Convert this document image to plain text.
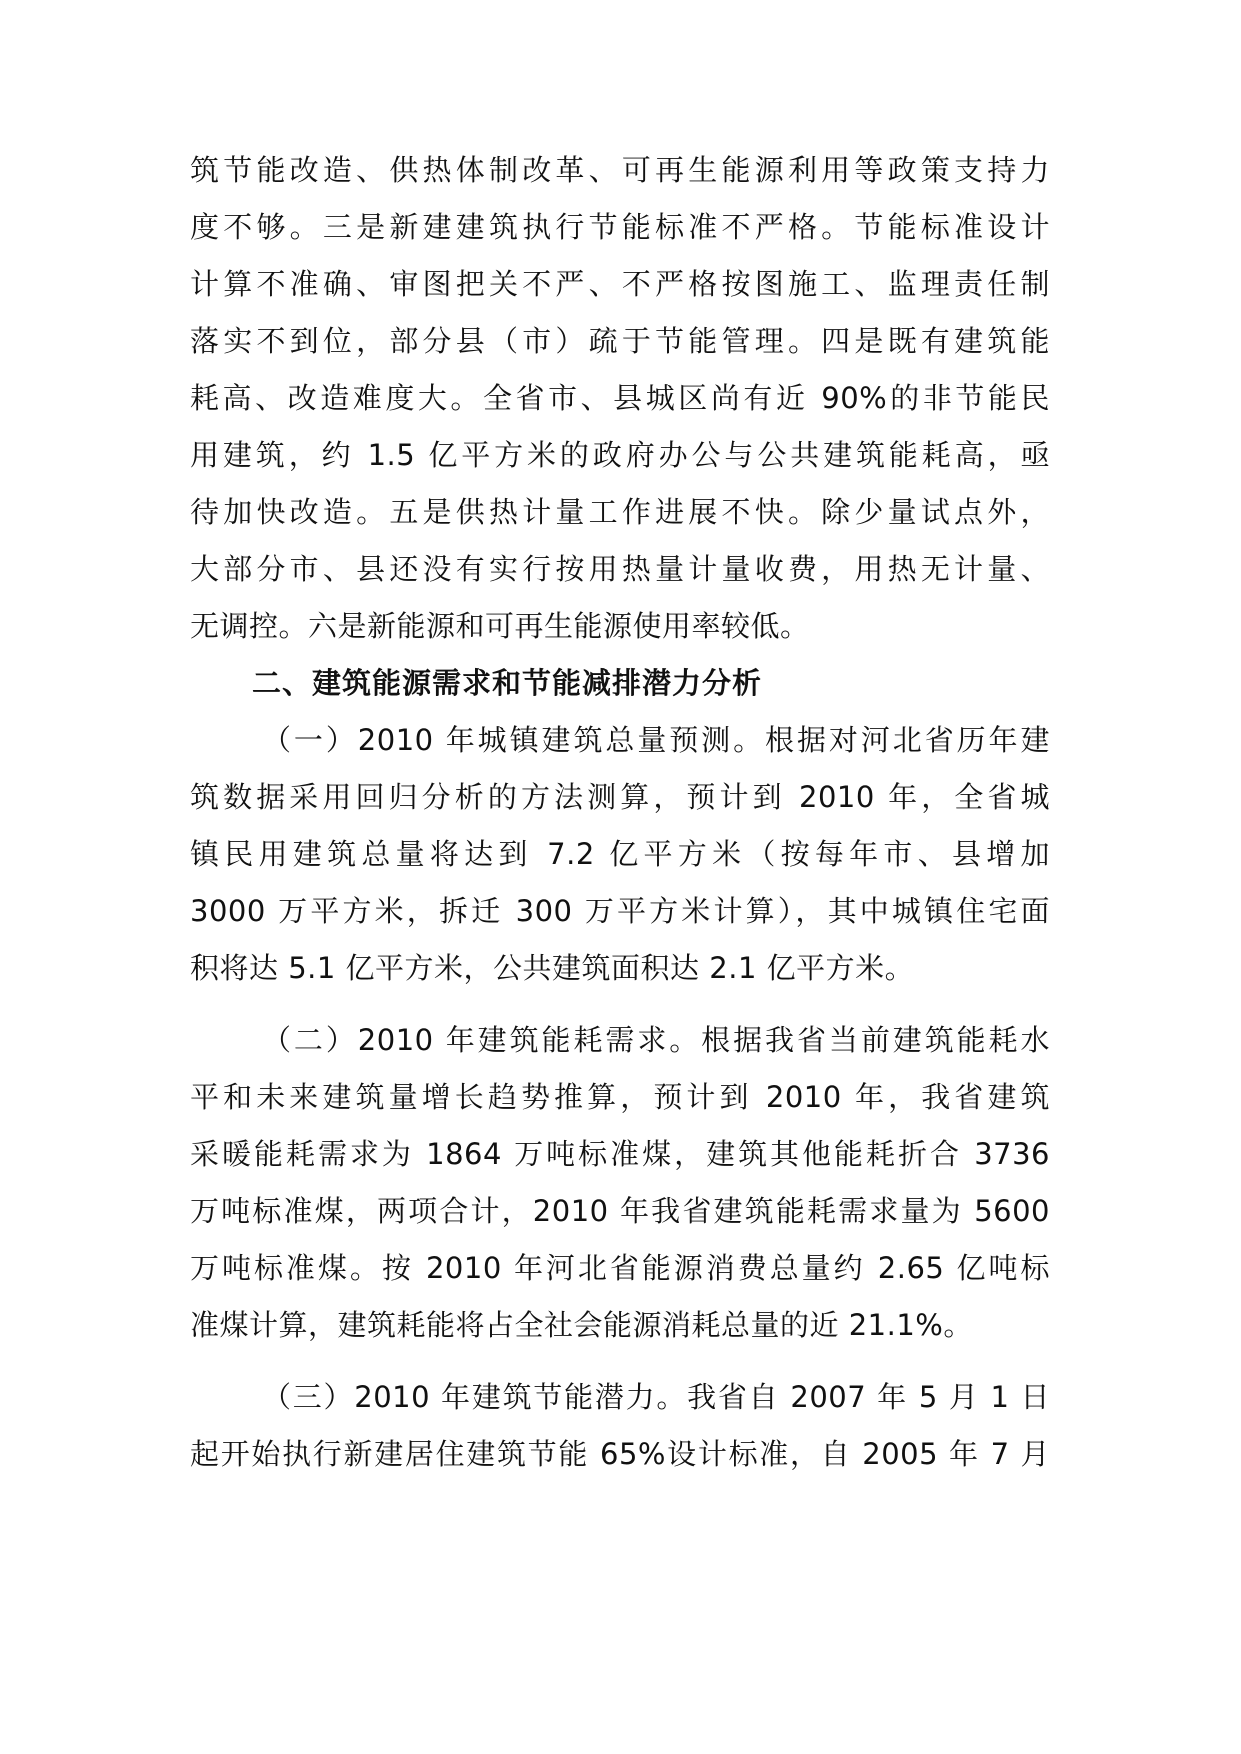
筑节能改造、供热体制改革、可再生能源利用等政策支持力
度不够。三是新建建筑执行节能标准不严格。节能标准设计
计算不准确、审图把关不严、不严格按图施工、监理责任制
落实不到位，部分县（市）疏于节能管理。四是既有建筑能
耗高、改造难度大。全省市、县城区尚有近 90%的非节能民
用建筑，约 1.5 亿平方米的政府办公与公共建筑能耗高，亟
待加快改造。五是供热计量工作进展不快。除少量试点外，
大部分市、县还没有实行按用热量计量收费，用热无计量、
无调控。六是新能源和可再生能源使用率较低。
二、建筑能源需求和节能减排潜力分析
（一）2010 年城镇建筑总量预测。根据对河北省历年建
筑数据采用回归分析的方法测算，预计到 2010 年，全省城
镇民用建筑总量将达到 7.2 亿平方米（按每年市、县增加
3000 万平方米，拆迁 300 万平方米计算），其中城镇住宅面
积将达 5.1 亿平方米，公共建筑面积达 2.1 亿平方米。
（二）2010 年建筑能耗需求。根据我省当前建筑能耗水
平和未来建筑量增长趋势推算，预计到 2010 年，我省建筑
采暖能耗需求为 1864 万吨标准煤，建筑其他能耗折合 3736
万吨标准煤，两项合计，2010 年我省建筑能耗需求量为 5600
万吨标准煤。按 2010 年河北省能源消费总量约 2.65 亿吨标
准煤计算，建筑耗能将占全社会能源消耗总量的近 21.1%。
（三）2010 年建筑节能潜力。我省自 2007 年 5 月 1 日
起开始执行新建居住建筑节能 65%设计标准，自 2005 年 7 月
